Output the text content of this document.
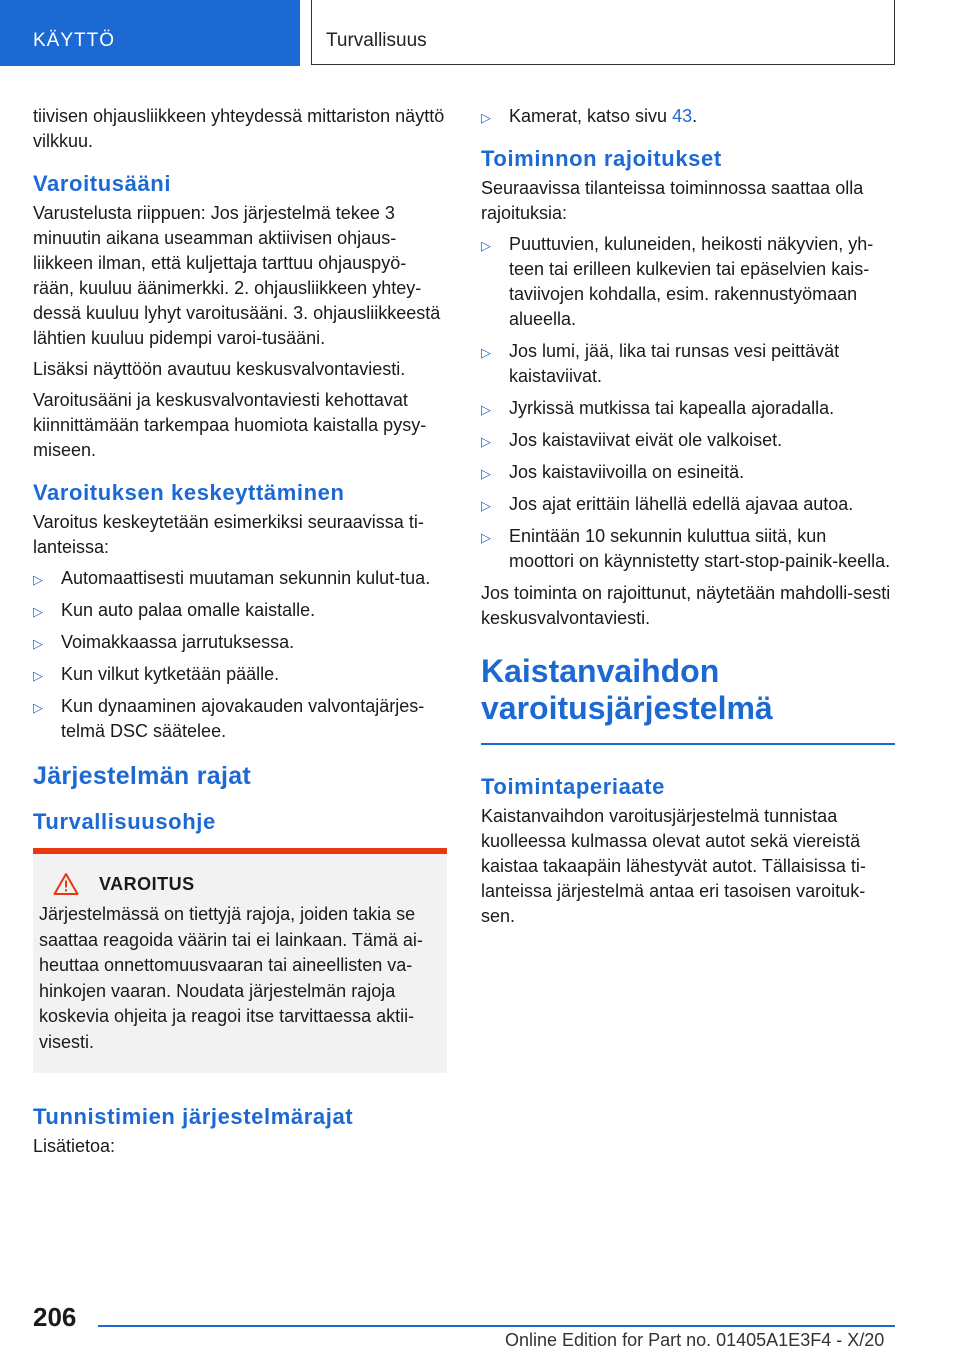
KÄYTTÖ	Turvallisuus

tiivisen ohjausliikkeen yhteydessä mittariston näyttö vilkkuu.

Varoitusääni

Varustelusta riippuen: Jos järjestelmä tekee 3 minuutin aikana useamman aktiivisen ohjaus-liikkeen ilman, että kuljettaja tarttuu ohjauspyö-rään, kuuluu äänimerkki. 2. ohjausliikkeen yhtey-dessä kuuluu lyhyt varoitusääni. 3. ohjausliikkeestä lähtien kuuluu pidempi varoi-tusääni.

Lisäksi näyttöön avautuu keskusvalvontaviesti.

Varoitusääni ja keskusvalvontaviesti kehottavat kiinnittämään tarkempaa huomiota kaistalla pysy-miseen.

Varoituksen keskeyttäminen

Varoitus keskeytetään esimerkiksi seuraavissa ti-lanteissa:

▷ Automaattisesti muutaman sekunnin kulut-tua.
▷ Kun auto palaa omalle kaistalle.
▷ Voimakkaassa jarrutuksessa.
▷ Kun vilkut kytketään päälle.
▷ Kun dynaaminen ajovakauden valvontajärjes-telmä DSC säätelee.
Järjestelmän rajat
Turvallisuusohje
VAROITUS

Järjestelmässä on tiettyjä rajoja, joiden takia se saattaa reagoida väärin tai ei lainkaan. Tämä ai-heuttaa onnettomuusvaaran tai aineellisten va-hinkojen vaaran. Noudata järjestelmän rajoja koskevia ohjeita ja reagoi itse tarvittaessa aktii-visesti.

Tunnistimien järjestelmärajat

Lisätietoa:

▷ Kamerat, katso sivu 43.
Toiminnon rajoitukset

Seuraavissa tilanteissa toiminnossa saattaa olla rajoituksia:

▷ Puuttuvien, kuluneiden, heikosti näkyvien, yh-teen tai erilleen kulkevien tai epäselvien kais-taviivojen kohdalla, esim. rakennustyömaan alueella.
▷ Jos lumi, jää, lika tai runsas vesi peittävät kaistaviivat.
▷ Jyrkissä mutkissa tai kapealla ajoradalla.
▷ Jos kaistaviivat eivät ole valkoiset.
▷ Jos kaistaviivoilla on esineitä.
▷ Jos ajat erittäin lähellä edellä ajavaa autoa.
▷ Enintään 10 sekunnin kuluttua siitä, kun moottori on käynnistetty start-stop-painik-keella.

Jos toiminta on rajoittunut, näytetään mahdolli-sesti keskusvalvontaviesti.

Kaistanvaihdon varoitusjärjestelmä
Toimintaperiaate

Kaistanvaihdon varoitusjärjestelmä tunnistaa kuolleessa kulmassa olevat autot sekä viereistä kaistaa takaapäin lähestyvät autot. Tällaisissa ti-lanteissa järjestelmä antaa eri tasoisen varoituk-sen.

206
Online Edition for Part no. 01405A1E3F4 - X/20
